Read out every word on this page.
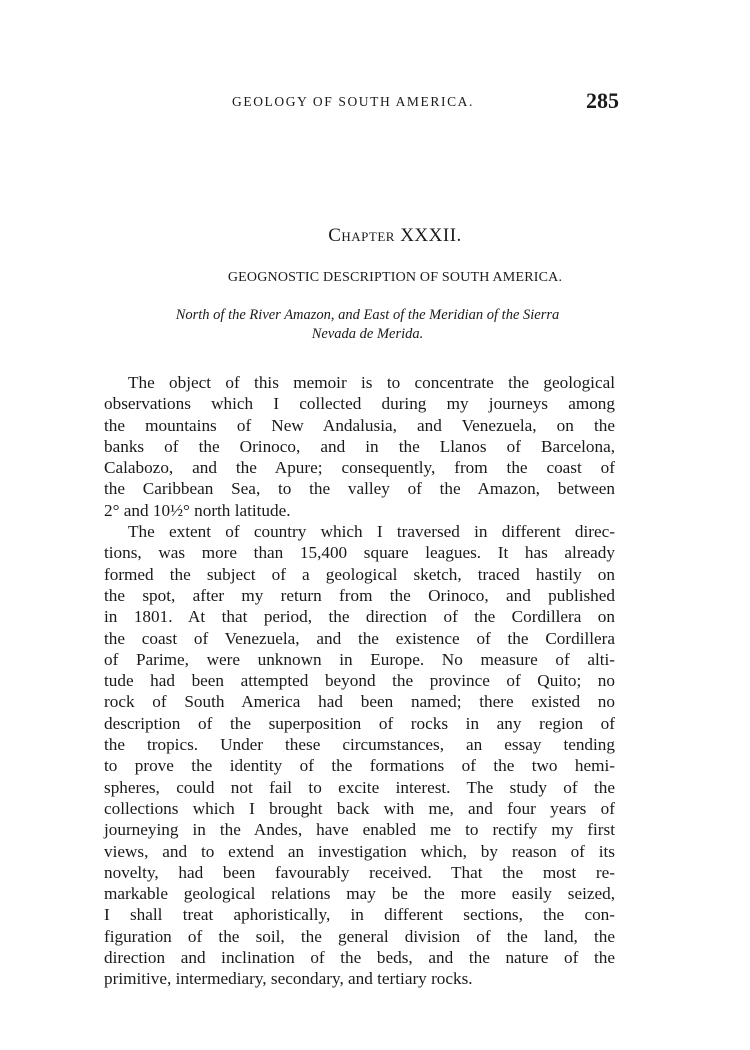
GEOLOGY OF SOUTH AMERICA.	285
Chapter XXXII.
GEOGNOSTIC DESCRIPTION OF SOUTH AMERICA.
North of the River Amazon, and East of the Meridian of the Sierra
Nevada de Merida.
The object of this memoir is to concentrate the geological
observations which I collected during my journeys among
the mountains of New Andalusia, and Venezuela, on the
banks of the Orinoco, and in the Llanos of Barcelona,
Calabozo, and the Apure; consequently, from the coast of
the Caribbean Sea, to the valley of the Amazon, between
2° and 10½° north latitude.
The extent of country which I traversed in different direc-
tions, was more than 15,400 square leagues. It has already
formed the subject of a geological sketch, traced hastily on
the spot, after my return from the Orinoco, and published
in 1801. At that period, the direction of the Cordillera on
the coast of Venezuela, and the existence of the Cordillera
of Parime, were unknown in Europe. No measure of alti-
tude had been attempted beyond the province of Quito; no
rock of South America had been named; there existed no
description of the superposition of rocks in any region of
the tropics. Under these circumstances, an essay tending
to prove the identity of the formations of the two hemi-
spheres, could not fail to excite interest. The study of the
collections which I brought back with me, and four years of
journeying in the Andes, have enabled me to rectify my first
views, and to extend an investigation which, by reason of its
novelty, had been favourably received. That the most re-
markable geological relations may be the more easily seized,
I shall treat aphoristically, in different sections, the con-
figuration of the soil, the general division of the land, the
direction and inclination of the beds, and the nature of the
primitive, intermediary, secondary, and tertiary rocks.
